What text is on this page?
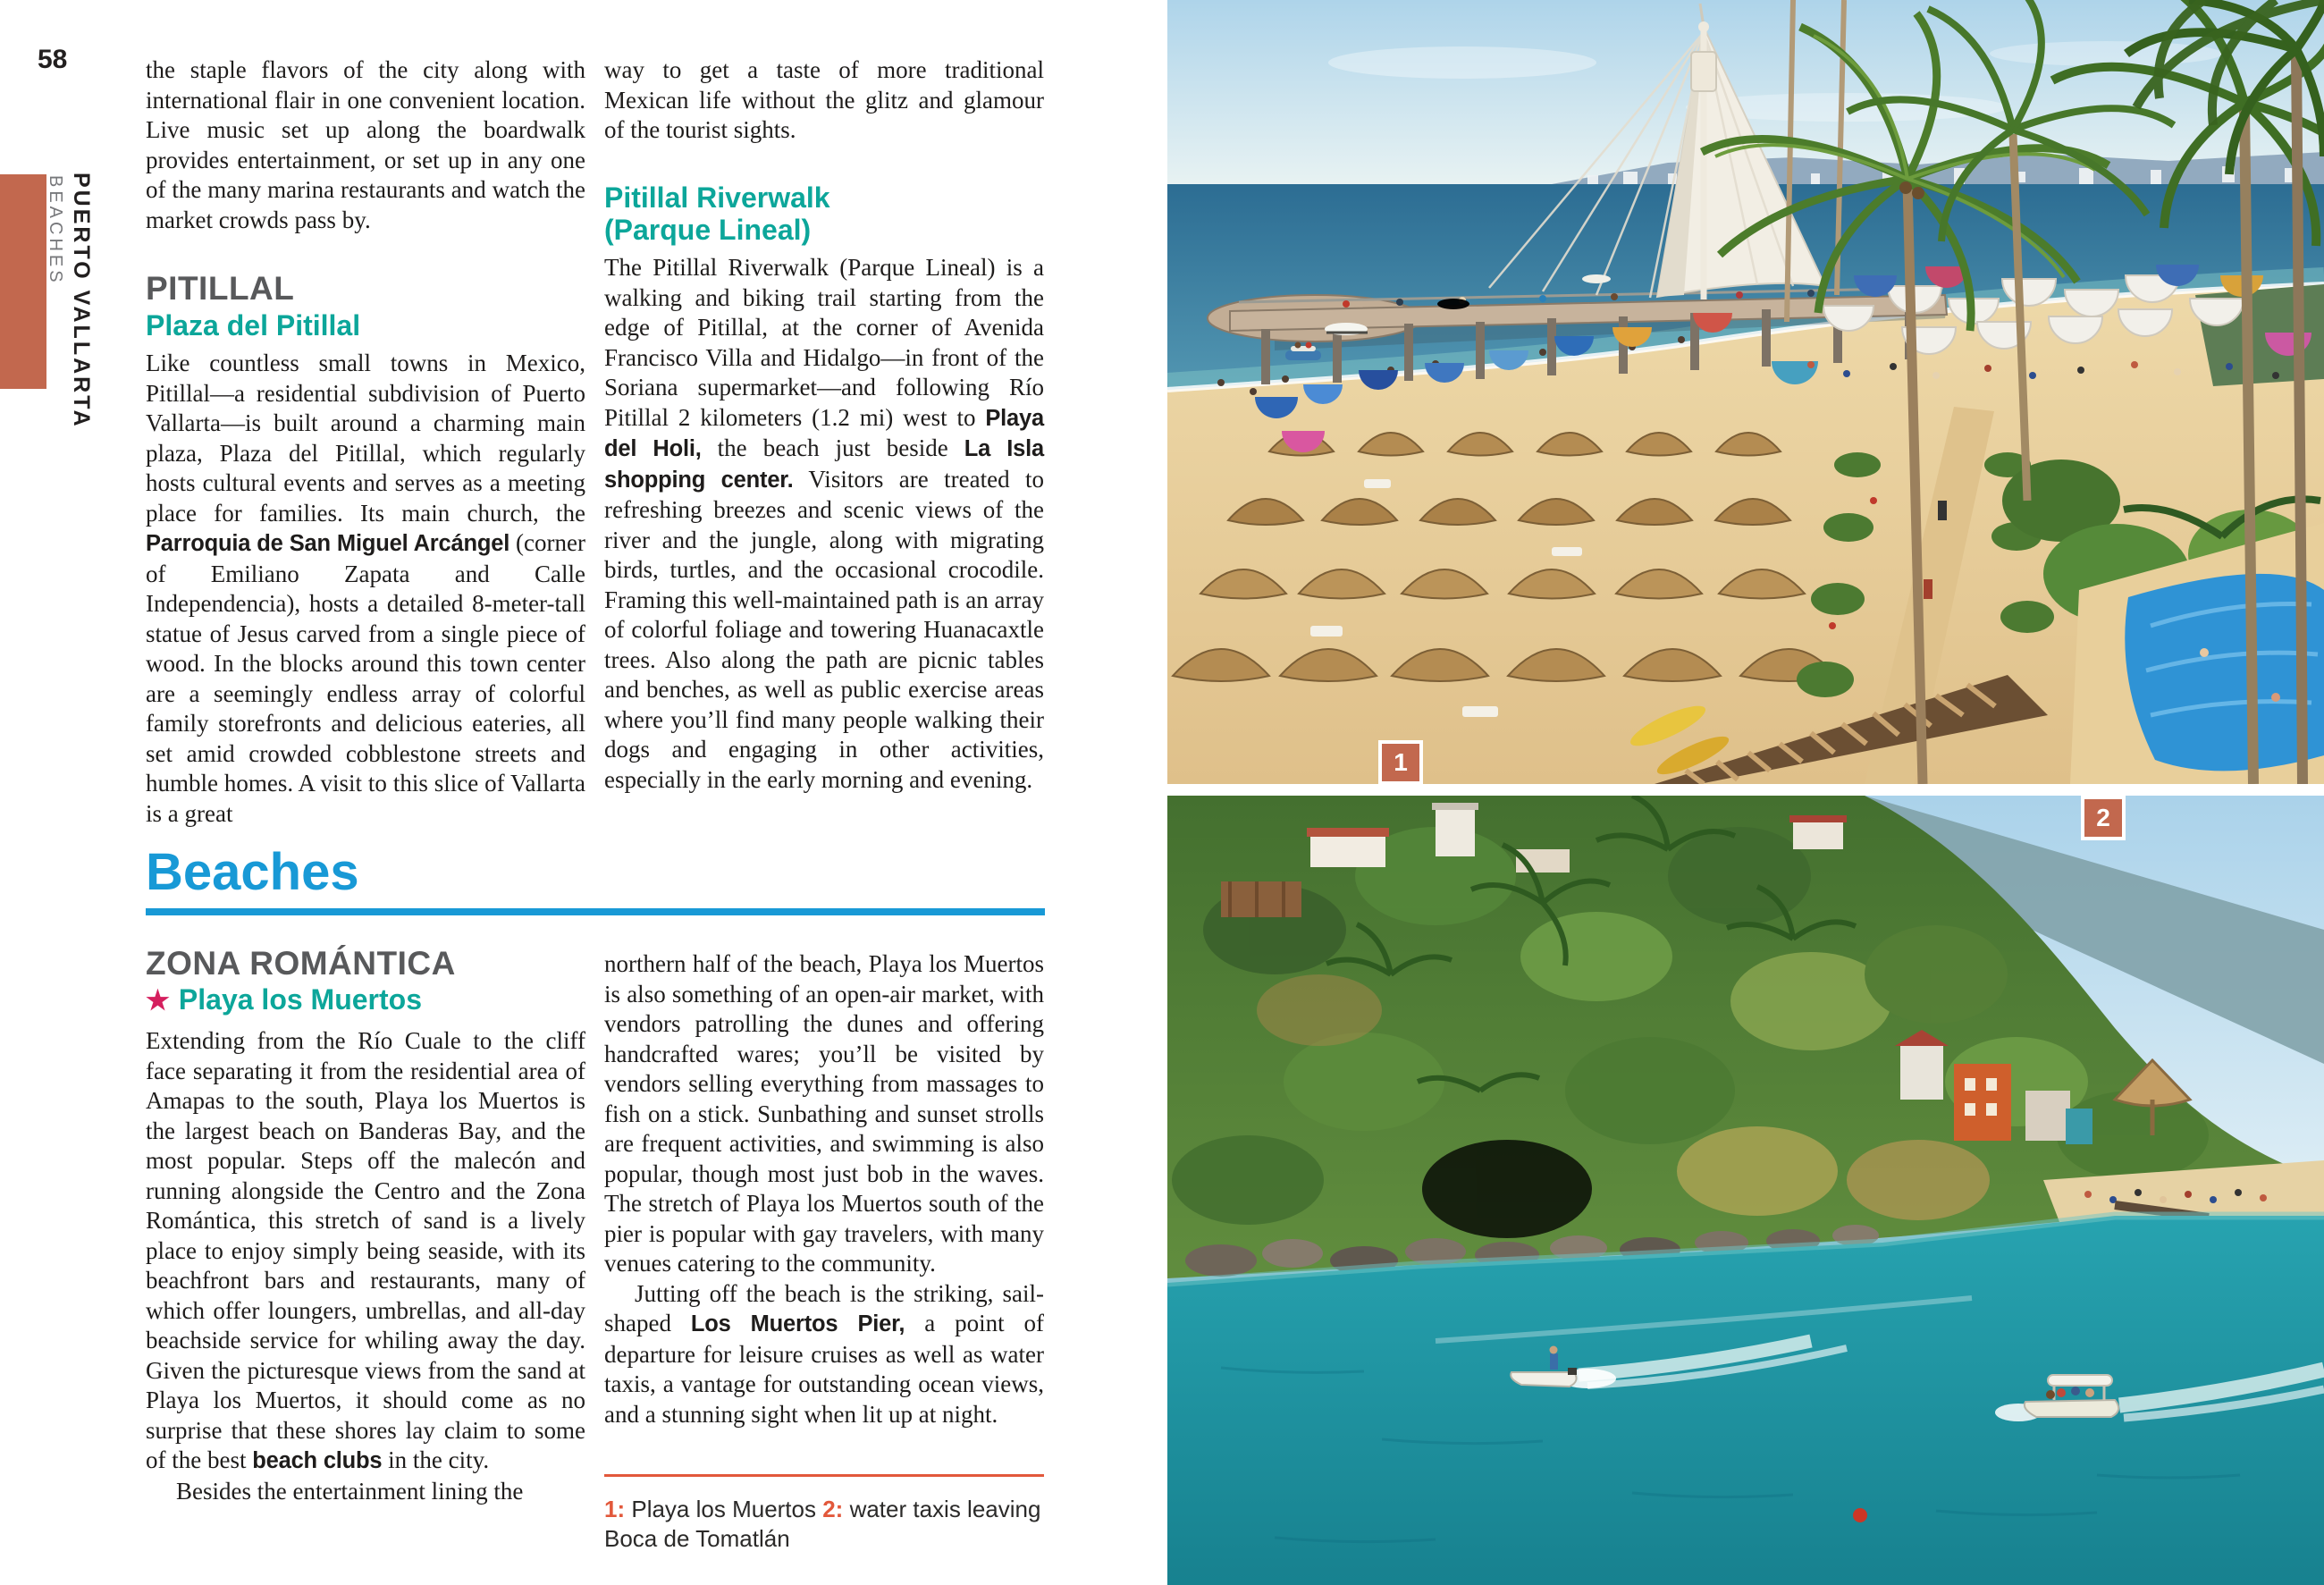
58
PUERTO VALLARTA
BEACHES

the staple flavors of the city along with international flair in one convenient location. Live music set up along the boardwalk provides entertainment, or set up in any one of the many marina restaurants and watch the market crowds pass by.

PITILLAL
Plaza del Pitillal

Like countless small towns in Mexico, Pitillal—a residential subdivision of Puerto Vallarta—is built around a charming main plaza, Plaza del Pitillal, which regularly hosts cultural events and serves as a meeting place for families. Its main church, the Parroquia de San Miguel Arcángel (corner of Emiliano Zapata and Calle Independencia), hosts a detailed 8-meter-tall statue of Jesus carved from a single piece of wood. In the blocks around this town center are a seemingly endless array of colorful family storefronts and delicious eateries, all set amid crowded cobblestone streets and humble homes. A visit to this slice of Vallarta is a great

way to get a taste of more traditional Mexican life without the glitz and glamour of the tourist sights.

Pitillal Riverwalk
(Parque Lineal)

The Pitillal Riverwalk (Parque Lineal) is a walking and biking trail starting from the edge of Pitillal, at the corner of Avenida Francisco Villa and Hidalgo—in front of the Soriana supermarket—and following Río Pitillal 2 kilometers (1.2 mi) west to Playa del Holi, the beach just beside La Isla shopping center. Visitors are treated to refreshing breezes and scenic views of the river and the jungle, along with migrating birds, turtles, and the occasional crocodile. Framing this well-maintained path is an array of colorful foliage and towering Huanacaxtle trees. Also along the path are picnic tables and benches, as well as public exercise areas where you’ll find many people walking their dogs and engaging in other activities, especially in the early morning and evening.

Beaches
ZONA ROMÁNTICA
★ Playa los Muertos

Extending from the Río Cuale to the cliff face separating it from the residential area of Amapas to the south, Playa los Muertos is the largest beach on Banderas Bay, and the most popular. Steps off the malecón and running alongside the Centro and the Zona Romántica, this stretch of sand is a lively place to enjoy simply being seaside, with its beachfront bars and restaurants, many of which offer loungers, umbrellas, and all-day beachside service for whiling away the day. Given the picturesque views from the sand at Playa los Muertos, it should come as no surprise that these shores lay claim to some of the best beach clubs in the city.

Besides the entertainment lining the

northern half of the beach, Playa los Muertos is also something of an open-air market, with vendors patrolling the dunes and offering handcrafted wares; you’ll be visited by vendors selling everything from massages to fish on a stick. Sunbathing and sunset strolls are frequent activities, and swimming is also popular, though most just bob in the waves. The stretch of Playa los Muertos south of the pier is popular with gay travelers, with many venues catering to the community.

Jutting off the beach is the striking, sail-shaped Los Muertos Pier, a point of departure for leisure cruises as well as water taxis, a vantage for outstanding ocean views, and a stunning sight when lit up at night.

1: Playa los Muertos 2: water taxis leaving Boca de Tomatlán
1
2
